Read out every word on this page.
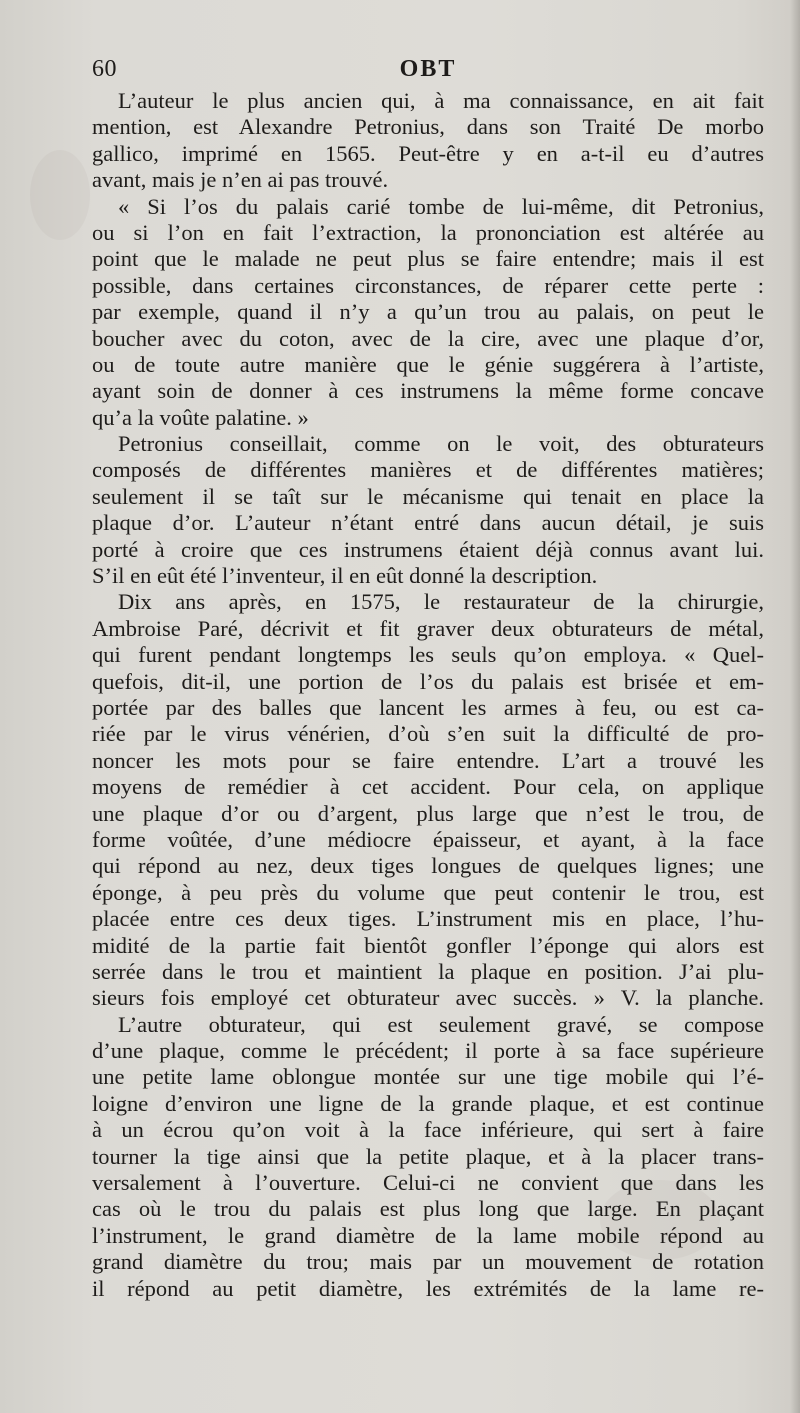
60	OBT
L’auteur le plus ancien qui, à ma connaissance, en ait fait
mention, est Alexandre Petronius, dans son Traité De morbo
gallico, imprimé en 1565. Peut-être y en a-t-il eu d’autres
avant, mais je n’en ai pas trouvé.
« Si l’os du palais carié tombe de lui-même, dit Petronius,
ou si l’on en fait l’extraction, la prononciation est altérée au
point que le malade ne peut plus se faire entendre; mais il est
possible, dans certaines circonstances, de réparer cette perte :
par exemple, quand il n’y a qu’un trou au palais, on peut le
boucher avec du coton, avec de la cire, avec une plaque d’or,
ou de toute autre manière que le génie suggérera à l’artiste,
ayant soin de donner à ces instrumens la même forme concave
qu’a la voûte palatine. »
Petronius conseillait, comme on le voit, des obturateurs
composés de différentes manières et de différentes matières;
seulement il se taît sur le mécanisme qui tenait en place la
plaque d’or. L’auteur n’étant entré dans aucun détail, je suis
porté à croire que ces instrumens étaient déjà connus avant lui.
S’il en eût été l’inventeur, il en eût donné la description.
Dix ans après, en 1575, le restaurateur de la chirurgie,
Ambroise Paré, décrivit et fit graver deux obturateurs de métal,
qui furent pendant longtemps les seuls qu’on employa. « Quel-
quefois, dit-il, une portion de l’os du palais est brisée et em-
portée par des balles que lancent les armes à feu, ou est ca-
riée par le virus vénérien, d’où s’en suit la difficulté de pro-
noncer les mots pour se faire entendre. L’art a trouvé les
moyens de remédier à cet accident. Pour cela, on applique
une plaque d’or ou d’argent, plus large que n’est le trou, de
forme voûtée, d’une médiocre épaisseur, et ayant, à la face
qui répond au nez, deux tiges longues de quelques lignes; une
éponge, à peu près du volume que peut contenir le trou, est
placée entre ces deux tiges. L’instrument mis en place, l’hu-
midité de la partie fait bientôt gonfler l’éponge qui alors est
serrée dans le trou et maintient la plaque en position. J’ai plu-
sieurs fois employé cet obturateur avec succès. » V. la planche.
L’autre obturateur, qui est seulement gravé, se compose
d’une plaque, comme le précédent; il porte à sa face supérieure
une petite lame oblongue montée sur une tige mobile qui l’é-
loigne d’environ une ligne de la grande plaque, et est continue
à un écrou qu’on voit à la face inférieure, qui sert à faire
tourner la tige ainsi que la petite plaque, et à la placer trans-
versalement à l’ouverture. Celui-ci ne convient que dans les
cas où le trou du palais est plus long que large. En plaçant
l’instrument, le grand diamètre de la lame mobile répond au
grand diamètre du trou; mais par un mouvement de rotation
il répond au petit diamètre, les extrémités de la lame re-
